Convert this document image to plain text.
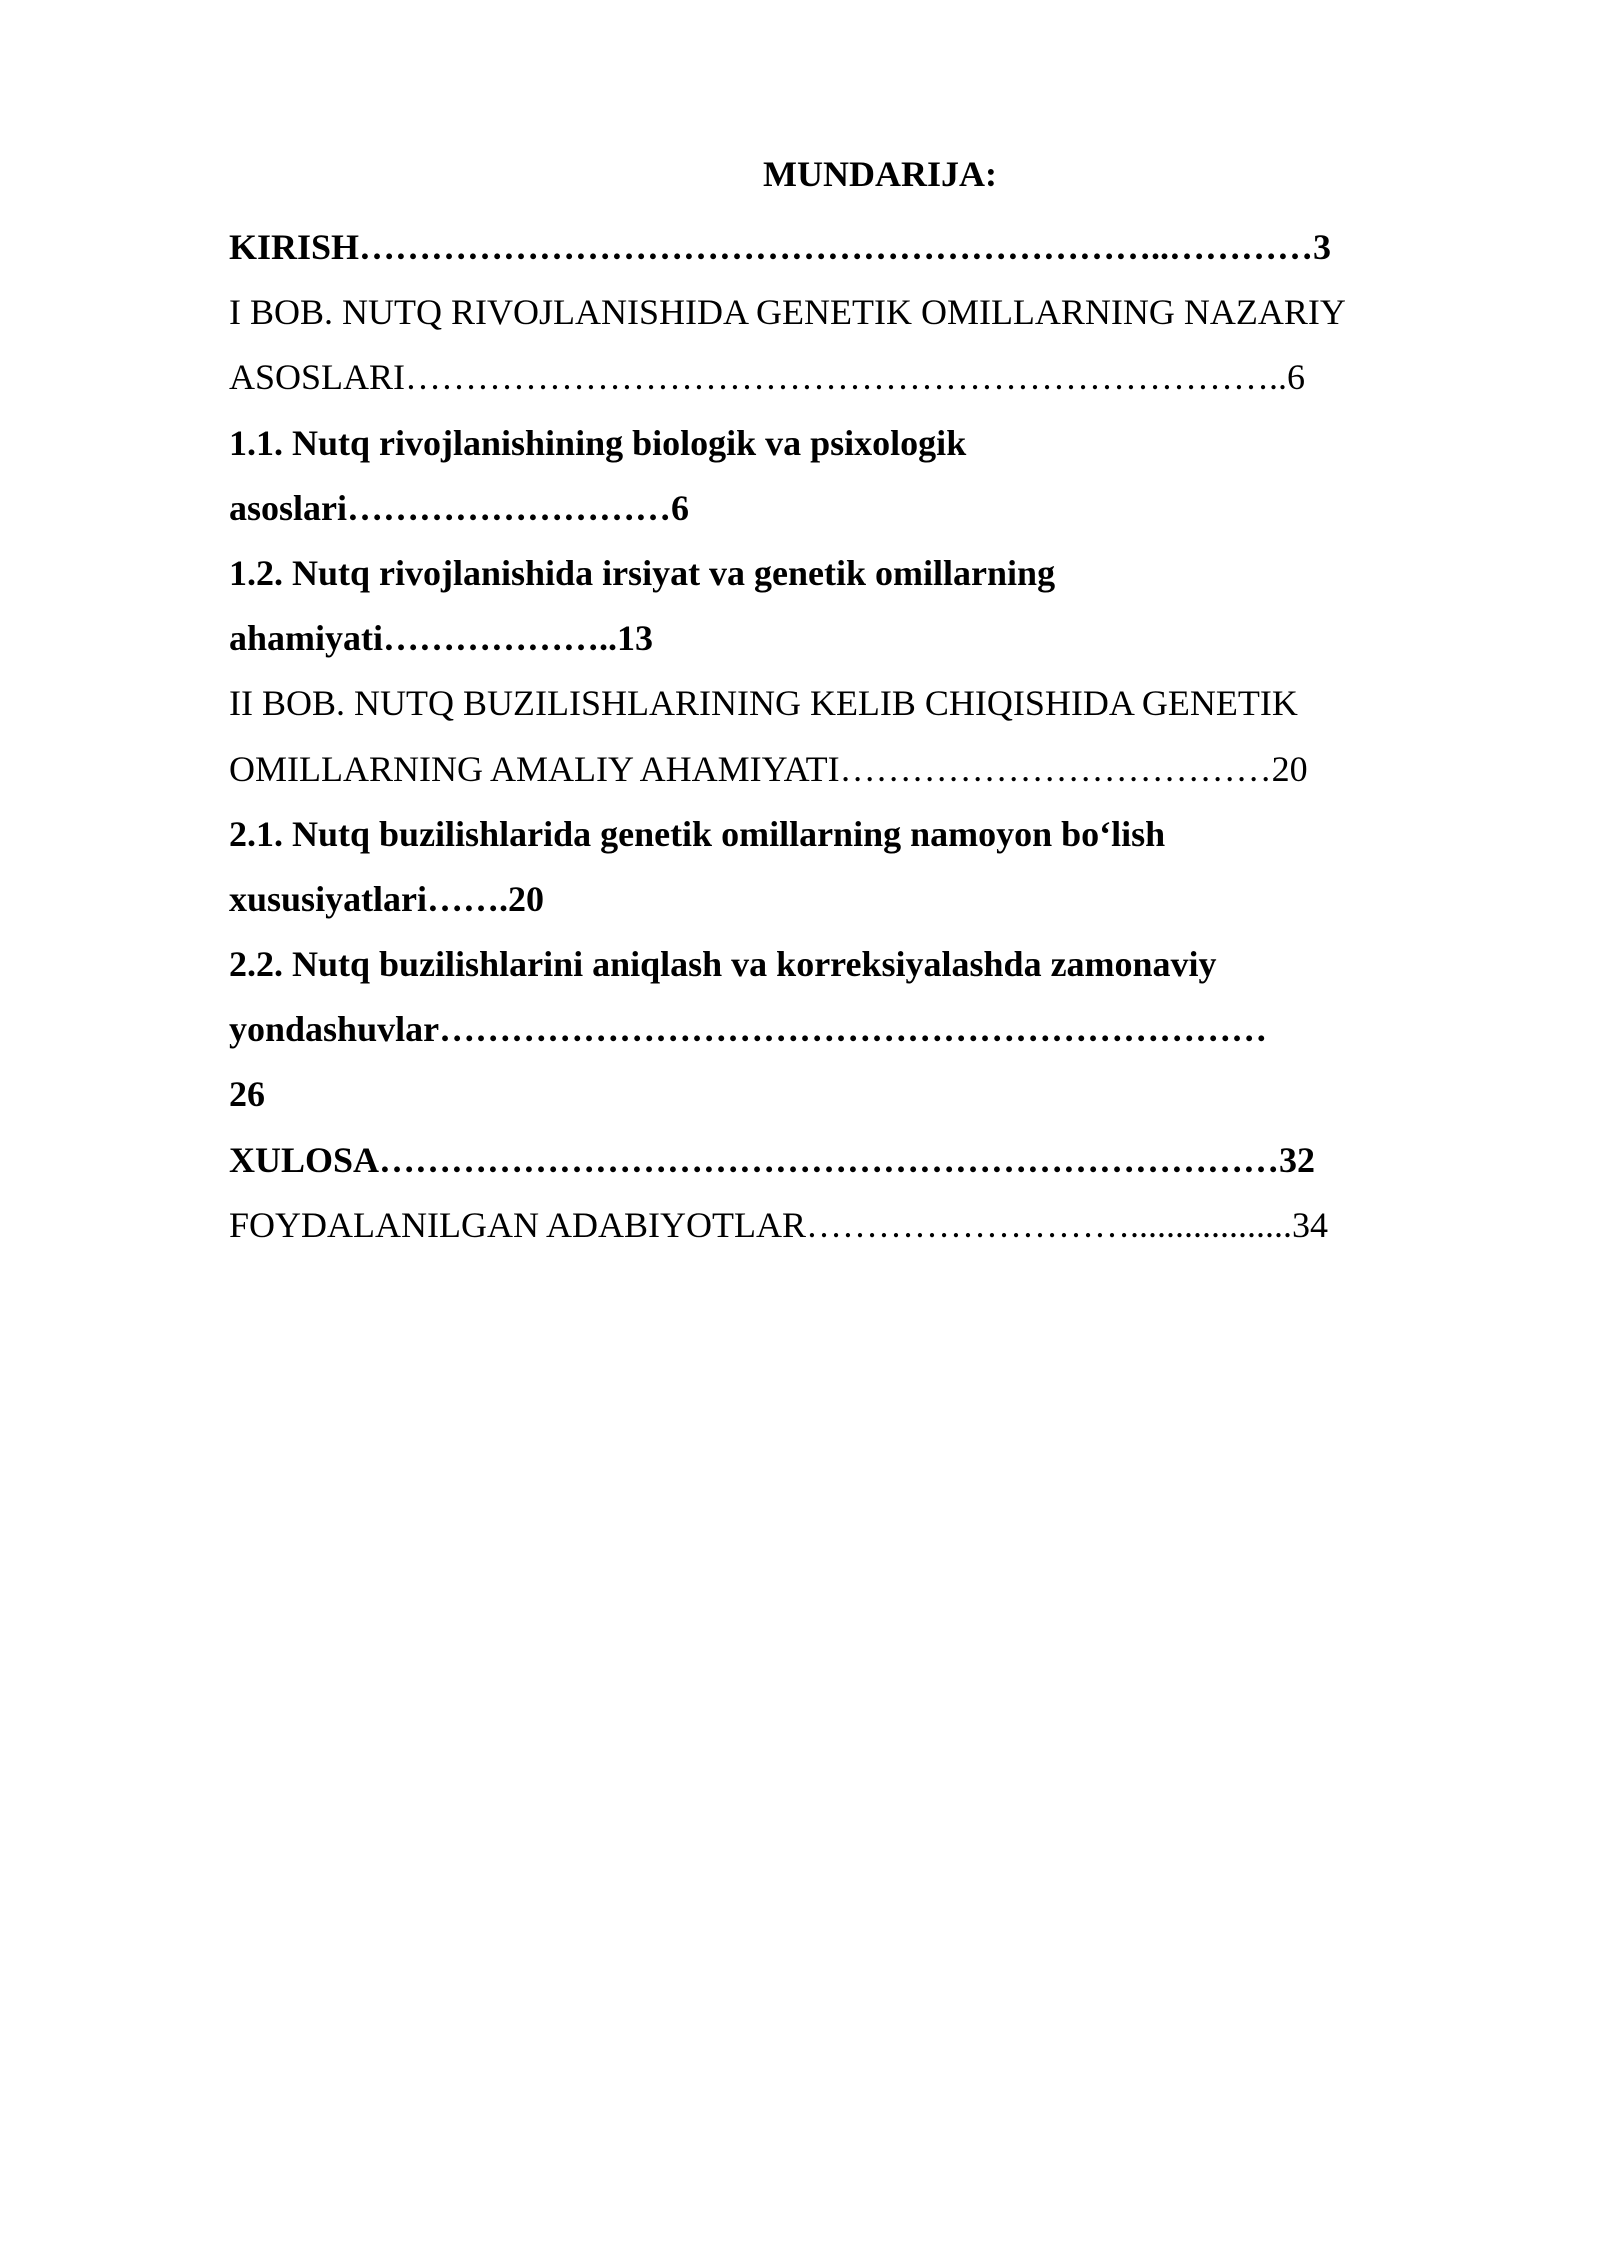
MUNDARIJA:
KIRISH…………………………………………………………..…………3
I BOB. NUTQ RIVOJLANISHIDA GENETIK OMILLARNING NAZARIY
ASOSLARI………………………………………………………………..6
1.1. Nutq rivojlanishining biologik va psixologik
asoslari………………………6
1.2. Nutq rivojlanishida irsiyat va genetik omillarning
ahamiyati………………..13
II BOB. NUTQ BUZILISHLARINING KELIB CHIQISHIDA GENETIK
OMILLARNING AMALIY AHAMIYATI………………………………20
2.1. Nutq buzilishlarida genetik omillarning namoyon bo‘lish
xususiyatlari…….20
2.2. Nutq buzilishlarini aniqlash va korreksiyalashda zamonaviy
yondashuvlar……………………………………………………………
26
XULOSA…………………………………………………………………32
FOYDALANILGAN ADABIYOTLAR………………………..................34
